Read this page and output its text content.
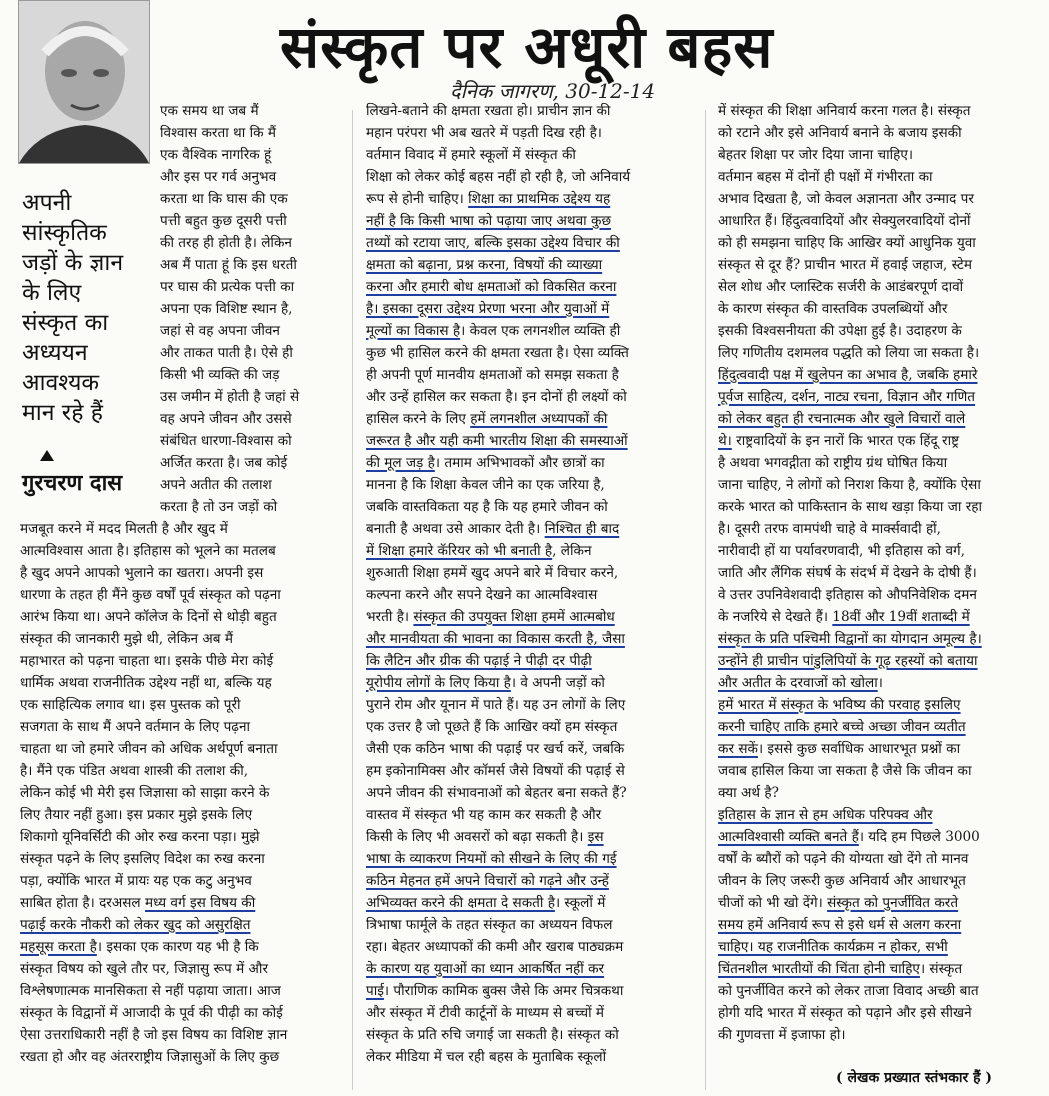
संस्कृत पर अधूरी बहस
दैनिक जागरण, 30-12-14
अपनी
सांस्कृतिक
जड़ों के ज्ञान
के लिए
संस्कृत का
अध्ययन
आवश्यक
मान रहे हैं
गुरचरण दास
एक समय था जब मैं
विश्वास करता था कि मैं
एक वैश्विक नागरिक हूं
और इस पर गर्व अनुभव
करता था कि घास की एक
पत्ती बहुत कुछ दूसरी पत्ती
की तरह ही होती है। लेकिन
अब मैं पाता हूं कि इस धरती
पर घास की प्रत्येक पत्ती का
अपना एक विशिष्ट स्थान है,
जहां से वह अपना जीवन
और ताकत पाती है। ऐसे ही
किसी भी व्यक्ति की जड़
उस जमीन में होती है जहां से
वह अपने जीवन और उससे
संबंधित धारणा-विश्वास को
अर्जित करता है। जब कोई
अपने अतीत की तलाश
करता है तो उन जड़ों को
मजबूत करने में मदद मिलती है और खुद में
आत्मविश्वास आता है। इतिहास को भूलने का मतलब
है खुद अपने आपको भुलाने का खतरा। अपनी इस
धारणा के तहत ही मैंने कुछ वर्षों पूर्व संस्कृत को पढ़ना
आरंभ किया था। अपने कॉलेज के दिनों से थोड़ी बहुत
संस्कृत की जानकारी मुझे थी, लेकिन अब मैं
महाभारत को पढ़ना चाहता था। इसके पीछे मेरा कोई
धार्मिक अथवा राजनीतिक उद्देश्य नहीं था, बल्कि यह
एक साहित्यिक लगाव था। इस पुस्तक को पूरी
सजगता के साथ मैं अपने वर्तमान के लिए पढ़ना
चाहता था जो हमारे जीवन को अधिक अर्थपूर्ण बनाता
है। मैंने एक पंडित अथवा शास्त्री की तलाश की,
लेकिन कोई भी मेरी इस जिज्ञासा को साझा करने के
लिए तैयार नहीं हुआ। इस प्रकार मुझे इसके लिए
शिकागो यूनिवर्सिटी की ओर रुख करना पड़ा। मुझे
संस्कृत पढ़ने के लिए इसलिए विदेश का रुख करना
पड़ा, क्योंकि भारत में प्रायः यह एक कटु अनुभव
साबित होता है। दरअसल मध्य वर्ग इस विषय की
पढ़ाई करके नौकरी को लेकर खुद को असुरक्षित
महसूस करता है। इसका एक कारण यह भी है कि
संस्कृत विषय को खुले तौर पर, जिज्ञासु रूप में और
विश्लेषणात्मक मानसिकता से नहीं पढ़ाया जाता। आज
संस्कृत के विद्वानों में आजादी के पूर्व की पीढ़ी का कोई
ऐसा उत्तराधिकारी नहीं है जो इस विषय का विशिष्ट ज्ञान
रखता हो और वह अंतरराष्ट्रीय जिज्ञासुओं के लिए कुछ
लिखने-बताने की क्षमता रखता हो। प्राचीन ज्ञान की
महान परंपरा भी अब खतरे में पड़ती दिख रही है।
वर्तमान विवाद में हमारे स्कूलों में संस्कृत की
शिक्षा को लेकर कोई बहस नहीं हो रही है, जो अनिवार्य
रूप से होनी चाहिए। शिक्षा का प्राथमिक उद्देश्य यह
नहीं है कि किसी भाषा को पढ़ाया जाए अथवा कुछ
तथ्यों को रटाया जाए, बल्कि इसका उद्देश्य विचार की
क्षमता को बढ़ाना, प्रश्न करना, विषयों की व्याख्या
करना और हमारी बोध क्षमताओं को विकसित करना
है। इसका दूसरा उद्देश्य प्रेरणा भरना और युवाओं में
मूल्यों का विकास है। केवल एक लगनशील व्यक्ति ही
कुछ भी हासिल करने की क्षमता रखता है। ऐसा व्यक्ति
ही अपनी पूर्ण मानवीय क्षमताओं को समझ सकता है
और उन्हें हासिल कर सकता है। इन दोनों ही लक्ष्यों को
हासिल करने के लिए हमें लगनशील अध्यापकों की
जरूरत है और यही कमी भारतीय शिक्षा की समस्याओं
की मूल जड़ है। तमाम अभिभावकों और छात्रों का
मानना है कि शिक्षा केवल जीने का एक जरिया है,
जबकि वास्तविकता यह है कि यह हमारे जीवन को
बनाती है अथवा उसे आकार देती है। निश्चित ही बाद
में शिक्षा हमारे कॅरियर को भी बनाती है, लेकिन
शुरुआती शिक्षा हममें खुद अपने बारे में विचार करने,
कल्पना करने और सपने देखने का आत्मविश्वास
भरती है। संस्कृत की उपयुक्त शिक्षा हममें आत्मबोध
और मानवीयता की भावना का विकास करती है, जैसा
कि लैटिन और ग्रीक की पढ़ाई ने पीढ़ी दर पीढ़ी
यूरोपीय लोगों के लिए किया है। वे अपनी जड़ों को
पुराने रोम और यूनान में पाते हैं। यह उन लोगों के लिए
एक उत्तर है जो पूछते हैं कि आखिर क्यों हम संस्कृत
जैसी एक कठिन भाषा की पढ़ाई पर खर्च करें, जबकि
हम इकोनामिक्स और कॉमर्स जैसे विषयों की पढ़ाई से
अपने जीवन की संभावनाओं को बेहतर बना सकते हैं?
वास्तव में संस्कृत भी यह काम कर सकती है और
किसी के लिए भी अवसरों को बढ़ा सकती है। इस
भाषा के व्याकरण नियमों को सीखने के लिए की गई
कठिन मेहनत हमें अपने विचारों को गढ़ने और उन्हें
अभिव्यक्त करने की क्षमता दे सकती है। स्कूलों में
त्रिभाषा फार्मूले के तहत संस्कृत का अध्ययन विफल
रहा। बेहतर अध्यापकों की कमी और खराब पाठ्यक्रम
के कारण यह युवाओं का ध्यान आकर्षित नहीं कर
पाई। पौराणिक कामिक बुक्स जैसे कि अमर चित्रकथा
और संस्कृत में टीवी कार्टूनों के माध्यम से बच्चों में
संस्कृत के प्रति रुचि जगाई जा सकती है। संस्कृत को
लेकर मीडिया में चल रही बहस के मुताबिक स्कूलों
में संस्कृत की शिक्षा अनिवार्य करना गलत है। संस्कृत
को रटाने और इसे अनिवार्य बनाने के बजाय इसकी
बेहतर शिक्षा पर जोर दिया जाना चाहिए।
वर्तमान बहस में दोनों ही पक्षों में गंभीरता का
अभाव दिखता है, जो केवल अज्ञानता और उन्माद पर
आधारित हैं। हिंदुत्ववादियों और सेक्युलरवादियों दोनों
को ही समझना चाहिए कि आखिर क्यों आधुनिक युवा
संस्कृत से दूर हैं? प्राचीन भारत में हवाई जहाज, स्टेम
सेल शोध और प्लास्टिक सर्जरी के आडंबरपूर्ण दावों
के कारण संस्कृत की वास्तविक उपलब्धियों और
इसकी विश्वसनीयता की उपेक्षा हुई है। उदाहरण के
लिए गणितीय दशमलव पद्धति को लिया जा सकता है।
हिंदुत्ववादी पक्ष में खुलेपन का अभाव है, जबकि हमारे
पूर्वज साहित्य, दर्शन, नाट्य रचना, विज्ञान और गणित
को लेकर बहुत ही रचनात्मक और खुले विचारों वाले
थे। राष्ट्रवादियों के इन नारों कि भारत एक हिंदू राष्ट्र
है अथवा भगवद्गीता को राष्ट्रीय ग्रंथ घोषित किया
जाना चाहिए, ने लोगों को निराश किया है, क्योंकि ऐसा
करके भारत को पाकिस्तान के साथ खड़ा किया जा रहा
है। दूसरी तरफ वामपंथी चाहे वे मार्क्सवादी हों,
नारीवादी हों या पर्यावरणवादी, भी इतिहास को वर्ग,
जाति और लैंगिक संघर्ष के संदर्भ में देखने के दोषी हैं।
वे उत्तर उपनिवेशवादी इतिहास को औपनिवेशिक दमन
के नजरिये से देखते हैं। 18वीं और 19वीं शताब्दी में
संस्कृत के प्रति पश्चिमी विद्वानों का योगदान अमूल्य है।
उन्होंने ही प्राचीन पांडुलिपियों के गूढ़ रहस्यों को बताया
और अतीत के दरवाजों को खोला।
हमें भारत में संस्कृत के भविष्य की परवाह इसलिए
करनी चाहिए ताकि हमारे बच्चे अच्छा जीवन व्यतीत
कर सकें। इससे कुछ सर्वाधिक आधारभूत प्रश्नों का
जवाब हासिल किया जा सकता है जैसे कि जीवन का
क्या अर्थ है?
इतिहास के ज्ञान से हम अधिक परिपक्व और
आत्मविश्वासी व्यक्ति बनते हैं। यदि हम पिछले 3000
वर्षों के ब्यौरों को पढ़ने की योग्यता खो देंगे तो मानव
जीवन के लिए जरूरी कुछ अनिवार्य और आधारभूत
चीजों को भी खो देंगे। संस्कृत को पुनर्जीवित करते
समय हमें अनिवार्य रूप से इसे धर्म से अलग करना
चाहिए। यह राजनीतिक कार्यक्रम न होकर, सभी
चिंतनशील भारतीयों की चिंता होनी चाहिए। संस्कृत
को पुनर्जीवित करने को लेकर ताजा विवाद अच्छी बात
होगी यदि भारत में संस्कृत को पढ़ाने और इसे सीखने
की गुणवत्ता में इजाफा हो।
( लेखक प्रख्यात स्तंभकार हैं )
